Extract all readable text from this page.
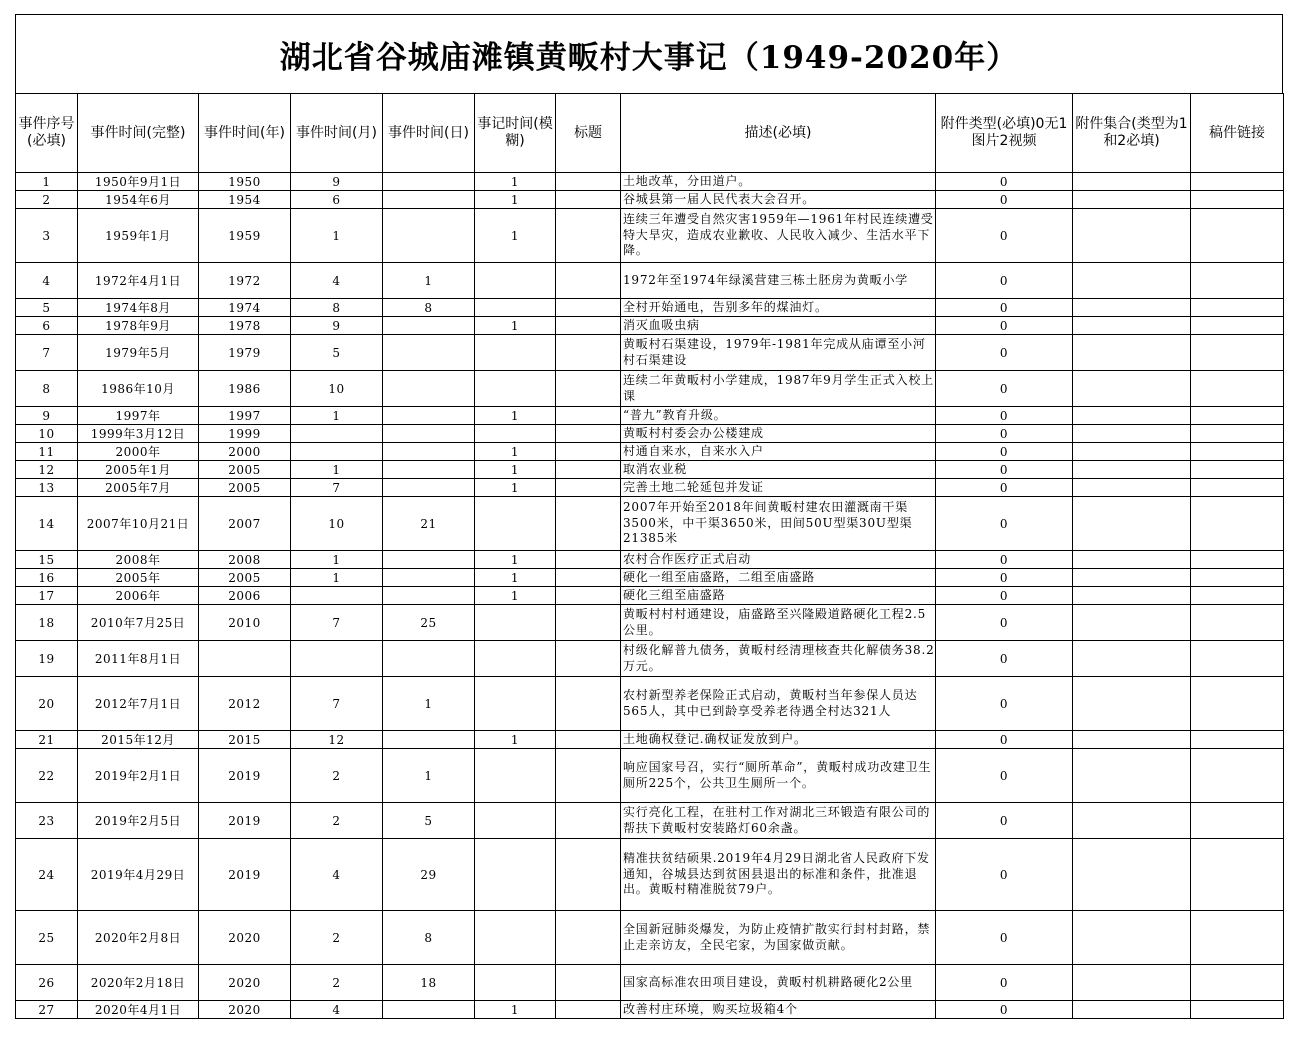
湖北省谷城庙滩镇黄畈村大事记（1949-2020年）
事件序号(必填)	事件时间(完整)	事件时间(年)	事件时间(月)	事件时间(日)	事记时间(模糊)	标题	描述(必填)	附件类型(必填)0无1图片2视频	附件集合(类型为1和2必填)	稿件链接
1	1950年9月1日	1950	9		1		土地改革，分田道户。	0		
2	1954年6月	1954	6		1		谷城县第一届人民代表大会召开。	0		
3	1959年1月	1959	1		1		连续三年遭受自然灾害1959年—1961年村民连续遭受特大旱灾，造成农业歉收、人民收入减少、生活水平下降。	0		
4	1972年4月1日	1972	4	1			1972年至1974年绿溪营建三栋土胚房为黄畈小学	0		
5	1974年8月	1974	8	8			全村开始通电，告别多年的煤油灯。	0		
6	1978年9月	1978	9		1		消灭血吸虫病	0		
7	1979年5月	1979	5				黄畈村石渠建设，1979年-1981年完成从庙谭至小河村石渠建设	0		
8	1986年10月	1986	10				连续二年黄畈村小学建成，1987年9月学生正式入校上课	0		
9	1997年	1997	1		1		“普九”教育升级。	0		
10	1999年3月12日	1999					黄畈村村委会办公楼建成	0		
11	2000年	2000			1		村通自来水，自来水入户	0		
12	2005年1月	2005	1		1		取消农业税	0		
13	2005年7月	2005	7		1		完善土地二轮延包并发证	0		
14	2007年10月21日	2007	10	21			2007年开始至2018年间黄畈村建农田灌溉南干渠3500米，中干渠3650米，田间50U型渠30U型渠21385米	0		
15	2008年	2008	1		1		农村合作医疗正式启动	0		
16	2005年	2005	1		1		硬化一组至庙盛路，二组至庙盛路	0		
17	2006年	2006			1		硬化三组至庙盛路	0		
18	2010年7月25日	2010	7	25			黄畈村村村通建设，庙盛路至兴隆殿道路硬化工程2.5公里。	0		
19	2011年8月1日						村级化解普九债务，黄畈村经清理核查共化解债务38.2万元。	0		
20	2012年7月1日	2012	7	1			农村新型养老保险正式启动，黄畈村当年参保人员达565人，其中已到龄享受养老待遇全村达321人	0		
21	2015年12月	2015	12		1		土地确权登记.确权证发放到户。	0		
22	2019年2月1日	2019	2	1			响应国家号召，实行“厕所革命”，黄畈村成功改建卫生厕所225个，公共卫生厕所一个。	0		
23	2019年2月5日	2019	2	5			实行亮化工程，在驻村工作对湖北三环锻造有限公司的帮扶下黄畈村安装路灯60余盏。	0		
24	2019年4月29日	2019	4	29			精准扶贫结硕果.2019年4月29日湖北省人民政府下发通知，谷城县达到贫困县退出的标准和条件，批准退出。黄畈村精准脱贫79户。	0		
25	2020年2月8日	2020	2	8			全国新冠肺炎爆发，为防止疫情扩散实行封村封路，禁止走亲访友，全民宅家，为国家做贡献。	0		
26	2020年2月18日	2020	2	18			国家高标准农田项目建设，黄畈村机耕路硬化2公里	0		
27	2020年4月1日	2020	4		1		改善村庄环境，购买垃圾箱4个	0		
